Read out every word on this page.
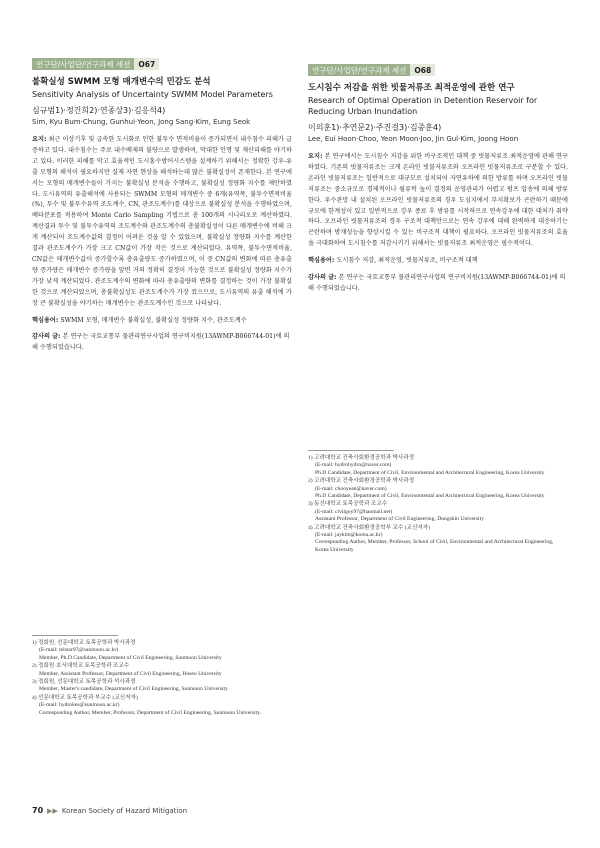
연구단/사업단/연구과제 세션	O67
불확실성 SWMM 모형 매개변수의 민감도 분석
Sensitivity Analysis of Uncertainty SWMM Model Parameters
심규범1)·정건희2)·연종상3)·김응석4)
Sim, Kyu Bum·Chung, Gunhui·Yeon, Jong Sang·Kim, Eung Seok
요지: 최근 이상기후 및 급속한 도시화로 인한 불투수 면적비율이 증가되면서 내수침수 피해가 급증하고 있다. 내수침수는 주로 내수배제의 불량으로 발생하며, 막대한 인명 및 재산피해를 야기하고 있다. 이러한 피해를 막고 효율적인 도시홍수방어시스템을 설계하기 위해서는 정확한 강우-유출 모형의 해석이 필요하지만 실제 자연 현상을 해석하는데 많은 불확실성이 존재한다. 본 연구에서는 모형의 매개변수들이 가지는 불확실성 분석을 수행하고, 불확실성 정량화 지수를 제안하였다. 도시유역의 유출해석에 사용되는 SWMM 모형의 매개변수 중 6개(유역폭, 불투수면적비율(%), 투수 및 불투수유역 조도계수, CN, 관조도계수)를 대상으로 불확실성 분석을 수행하였으며, 베타분포를 적용하여 Monte Carlo Sampling 기법으로 총 100개의 시나리오로 계산하였다. 계산결과 투수 및 불투수유역의 조도계수와 관조도계수의 총불확실성이 다른 매개변수에 비해 크게 계산되어 조도계수값의 결정이 어려운 것을 알 수 있었으며, 불확실성 정량화 지수를 계산한 결과 관조도계수가 가장 크고 CN값이 가장 작은 것으로 계산되었다. 유역폭, 불투수면적비율, CN값은 매개변수값이 증가할수록 총유출량도 증가하였으며, 이 중 CN값의 변화에 따른 총유출량 증가량은 매개변수 증가량을 앞면 거의 정확히 결정이 가능한 것으로 불확실성 정량화 지수가 가장 낮게 계산되었다. 관조도계수의 변화에 따라 총유출량의 변화를 결정하는 것이 가장 불확실한 것으로 계산되었으며, 총불확실성도 관조도계수가 가장 컸으므로, 도시유역의 유출 해석에 가장 큰 불확실성을 야기하는 매개변수는 관조도계수인 것으로 나타났다.
핵심용어: SWMM 모형, 매개변수 불확실성, 불확실성 정량화 지수, 관조도계수
감사의 글: 본 연구는 국토교통부 물관리연구사업의 연구비지원(13AWMP-B066744-01)에 의해 수행되었습니다.
1) 정회원, 선문대학교 토목공학과 박사과정
(E-mail: telstar07@sunmoon.ac.kr)
Member, Ph.D Candidate, Department of Civil Engineering, Sunmoon University
2) 정회원·호서대학교 토목공학과 조교수
Member, Assistant Professor, Department of Civil Engineering, Hoseo University
3) 정회원, 선문대학교 토목공학과 석사과정
Member, Master's candidate, Department of Civil Engineering, Sunmoon University
4) 선문대학교 토목공학과 부교수 (교신저자)
(E-mail: hydrokes@sunmoon.ac.kr)
Corresponding Author, Member, Professor, Department of Civil Engineering, Sunmoon University.
연구단/사업단/연구과제 세션	O68
도시침수 저감을 위한 빗물저류조 최적운영에 관한 연구
Research of Optimal Operation in Detention Reservoir for Reducing Urban Inundation
이의훈1)·추연문2)·주진걸3)·김중훈4)
Lee, Eui Hoon·Choo, Yeon Moon·Joo, Jin Gul·Kim, Joong Hoon
요지: 본 연구에서는 도시침수 저감을 위한 비구조적인 대책 중 빗물저류조 최적운영에 관해 연구하였다. 기존의 빗물저류조는 크게 온라인 빗물저류조와 오프라인 빗물저류조로 구분할 수 있다. 온라인 빗물저류조는 일반적으로 대규모로 설치되어 자연유하에 의한 방류를 하며 오프라인 빗물저류조는 중소규모로 경제적이나 월류턱 높이 결정의 운영관리가 어렵고 펌프 압송에 의해 방류한다. 우수관망 내 설치된 오프라인 빗물저류조의 경우 도심지에서 부지확보가 곤란하기 때문에 규모에 한계성이 있고 일반적으로 강우 종료 후 방류를 시작하므로 연속강우에 대한 대처가 취약하다. 오프라인 빗물저류조의 경우 구조적 대책만으로는 연속 강우에 대해 완벽하게 대응하기는 곤란하며 방재성능을 향상시킬 수 있는 비구조적 대책이 필요하다. 오프라인 빗물저류조의 효율을 극대화하여 도시침수를 저감시키기 위해서는 빗물저류조 최적운영은 필수적이다.
핵심용어: 도시침수 저감, 최적운영, 빗물저류조, 비구조적 대책
감사의 글: 본 연구는 국토교통부 물관리연구사업의 연구비지원(13AWMP-B066744-01)에 의해 수행되었습니다.
1) 고려대학교 건축사회환경공학과 박사과정
(E-mail: hydrohydro@naver.com)
Ph.D Candidate, Department of Civil, Environmental and Architectural Engineering, Korea University
2) 고려대학교 건축사회환경공학과 박사과정
(E-mail: chooyean@naver.com)
Ph.D Candidate, Department of Civil, Environmental and Architectural Engineering, Korea University
3) 동신대학교 토목공학과 조교수
(E-mail: civilgoy97@hanmail.net)
Assistant Professor, Department of Civil Engineering, Dongshin University
4) 고려대학교 건축사회환경공학부 교수 (교신저자)
(E-mail: jaykim@korea.ac.kr)
Corresponding Author, Member, Professor, School of Civil, Environmental and Architectural Engineering, Korea University
70 ▶▶ Korean Society of Hazard Mitigation
